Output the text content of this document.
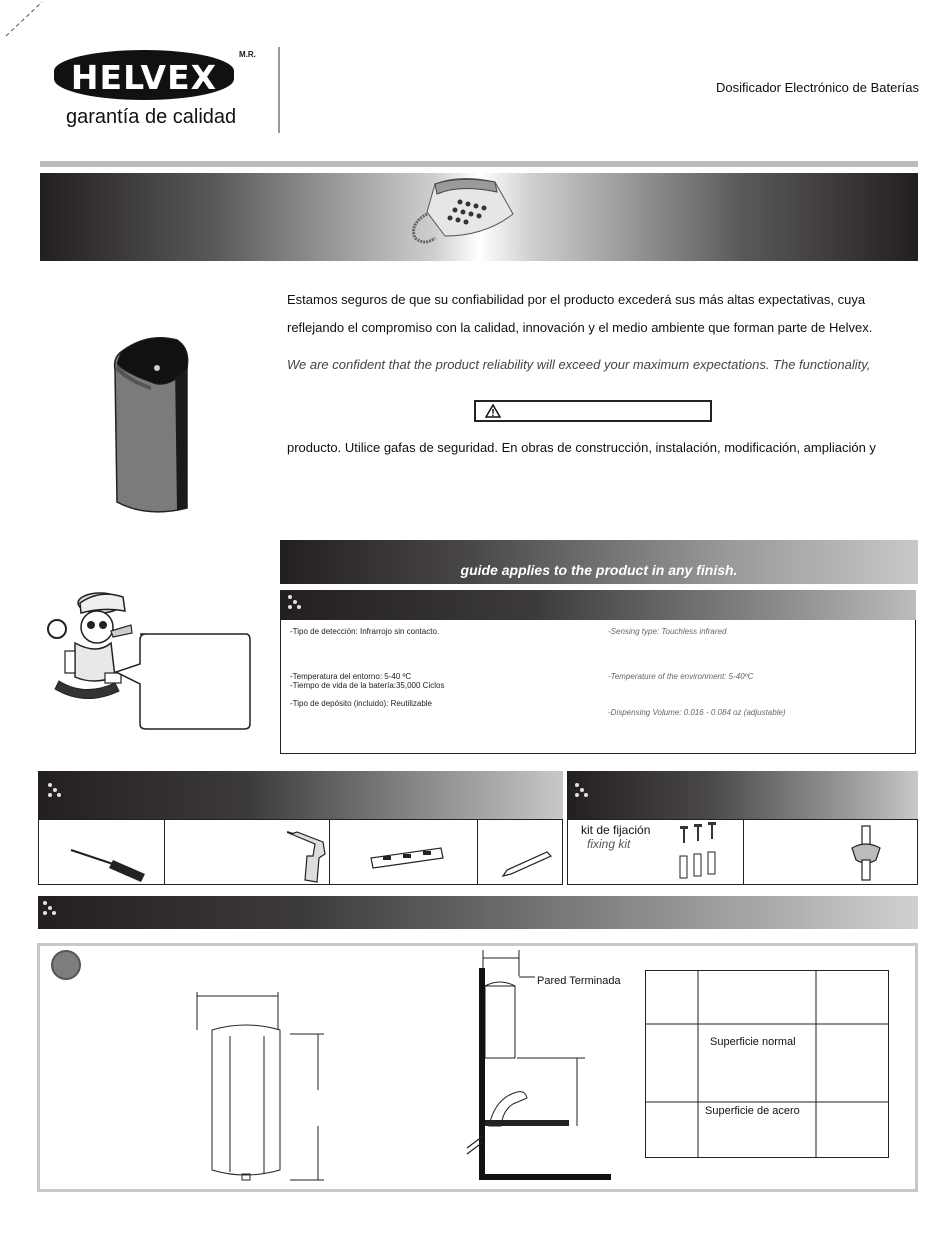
HELVEX
M.R.
garantía de calidad
Dosificador Electrónico de Baterías
Estamos seguros de que su confiabilidad por el producto excederá sus más altas expectativas, cuya
reflejando el compromiso con la calidad, innovación y el medio ambiente que forman parte de Helvex.
We are confident that the product reliability will exceed your maximum expectations. The functionality,
producto. Utilice gafas de seguridad. En obras de construcción, instalación, modificación, ampliación y
guide applies to the product in any finish.
-Tipo de detección: Infrarrojo sin contacto.
-Temperatura del entorno: 5-40 ºC
-Tiempo de vida de la batería:35,000 Ciclos
-Tipo de depósito (incluido): Reutilizable
-Sensing type: Touchless infrared
-Temperature of the environment: 5-40ºC
-Dispensing Volume: 0.016 - 0.084 oz (adjustable)
kit de fijación
fixing kit
Pared Terminada
Superficie normal
Superficie de acero
